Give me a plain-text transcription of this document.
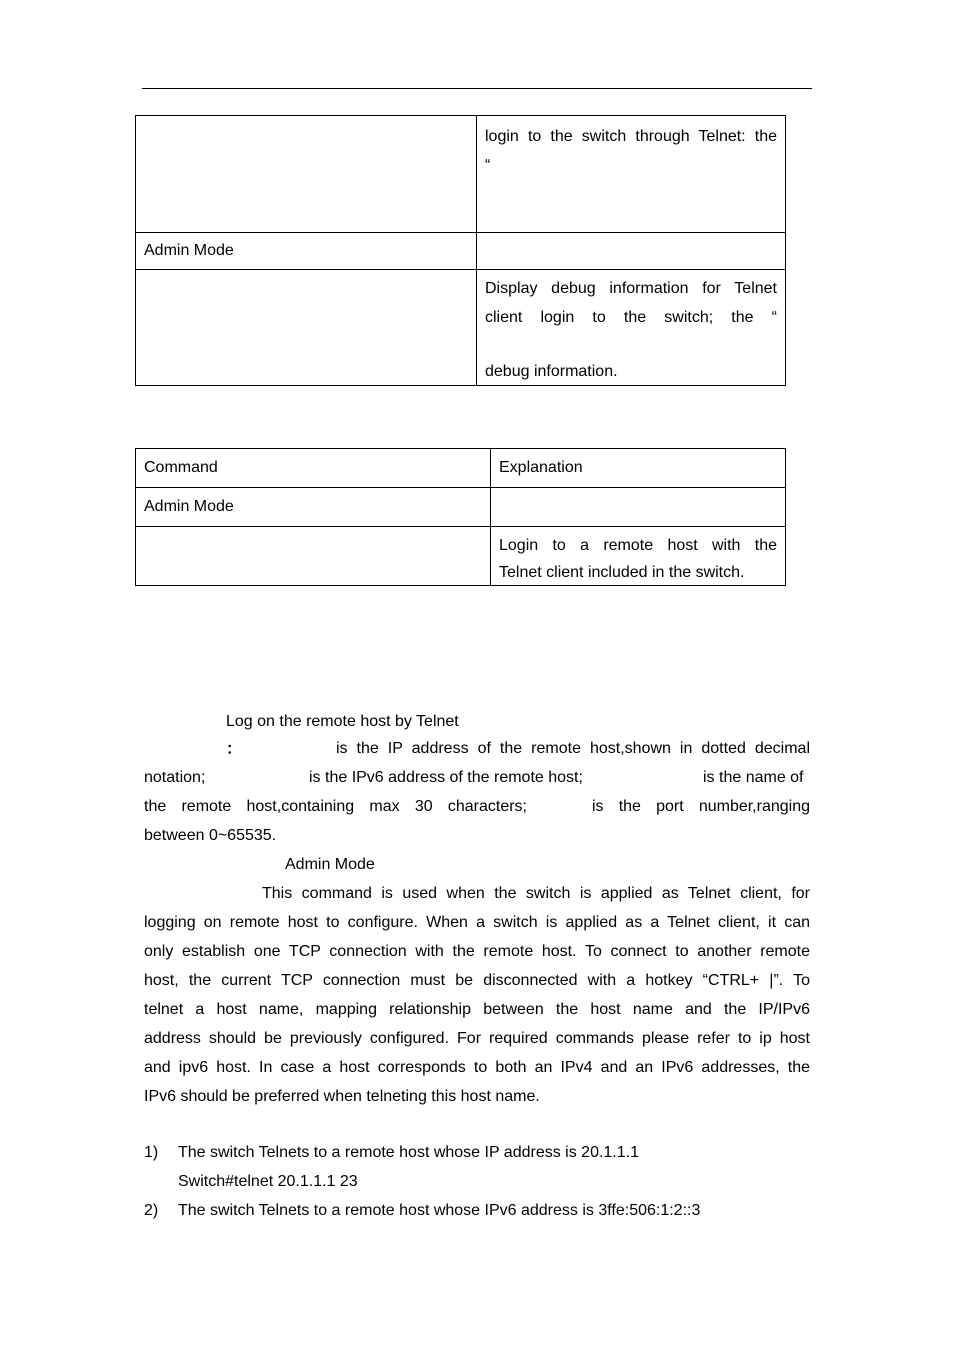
	login to the switch through Telnet: the
“

Admin Mode	

	Display debug information for Telnet
client login to the switch; the “
debug information.
Command	Explanation
Admin Mode	

	Login to a remote host with the
Telnet client included in the switch.
Log on the remote host by Telnet
：	is the IP address of the remote host,shown in dotted decimal
notation;	is the IPv6 address of the remote host;	is the name of
the remote host,containing max 30 characters;	is the port number,ranging
between 0~65535.
Admin Mode
This command is used when the switch is applied as Telnet client, for
logging on remote host to configure. When a switch is applied as a Telnet client, it can
only establish one TCP connection with the remote host. To connect to another remote
host, the current TCP connection must be disconnected with a hotkey “CTRL+ |”. To
telnet a host name, mapping relationship between the host name and the IP/IPv6
address should be previously configured. For required commands please refer to ip host
and ipv6 host. In case a host corresponds to both an IPv4 and an IPv6 addresses, the
IPv6 should be preferred when telneting this host name.
1) The switch Telnets to a remote host whose IP address is 20.1.1.1
Switch#telnet 20.1.1.1 23
2) The switch Telnets to a remote host whose IPv6 address is 3ffe:506:1:2::3
